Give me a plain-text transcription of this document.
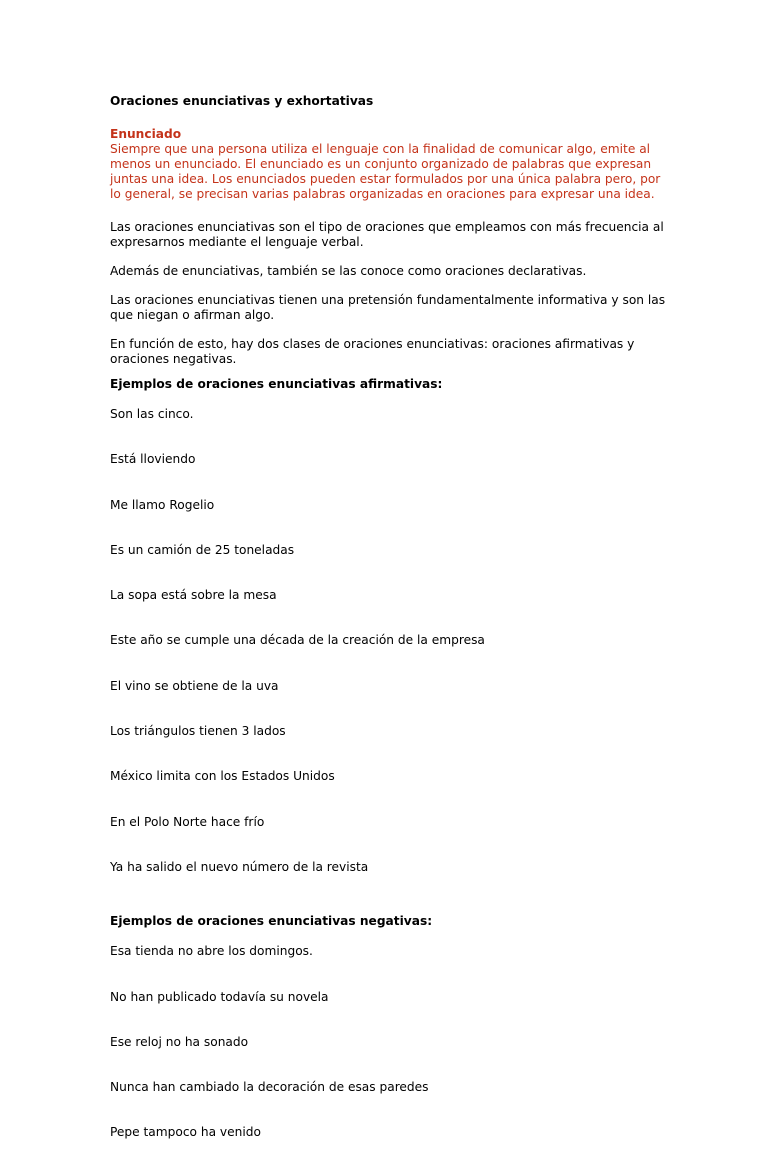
Oraciones enunciativas y exhortativas
Enunciado
Siempre que una persona utiliza el lenguaje con la finalidad de comunicar algo, emite al menos un enunciado. El enunciado es un conjunto organizado de palabras que expresan juntas una idea. Los enunciados pueden estar formulados por una única palabra pero, por lo general, se precisan varias palabras organizadas en oraciones para expresar una idea.

Las oraciones enunciativas son el tipo de oraciones que empleamos con más frecuencia al expresarnos mediante el lenguaje verbal.

Además de enunciativas, también se las conoce como oraciones declarativas.

Las oraciones enunciativas tienen una pretensión fundamentalmente informativa y son las que niegan o afirman algo.

En función de esto, hay dos clases de oraciones enunciativas: oraciones afirmativas y oraciones negativas.

Ejemplos de oraciones enunciativas afirmativas:
Son las cinco.
Está lloviendo
Me llamo Rogelio
Es un camión de 25 toneladas
La sopa está sobre la mesa
Este año se cumple una década de la creación de la empresa
El vino se obtiene de la uva
Los triángulos tienen 3 lados
México limita con los Estados Unidos
En el Polo Norte hace frío
Ya ha salido el nuevo número de la revista
Ejemplos de oraciones enunciativas negativas:
Esa tienda no abre los domingos.
No han publicado todavía su novela
Ese reloj no ha sonado
Nunca han cambiado la decoración de esas paredes
Pepe tampoco ha venido
